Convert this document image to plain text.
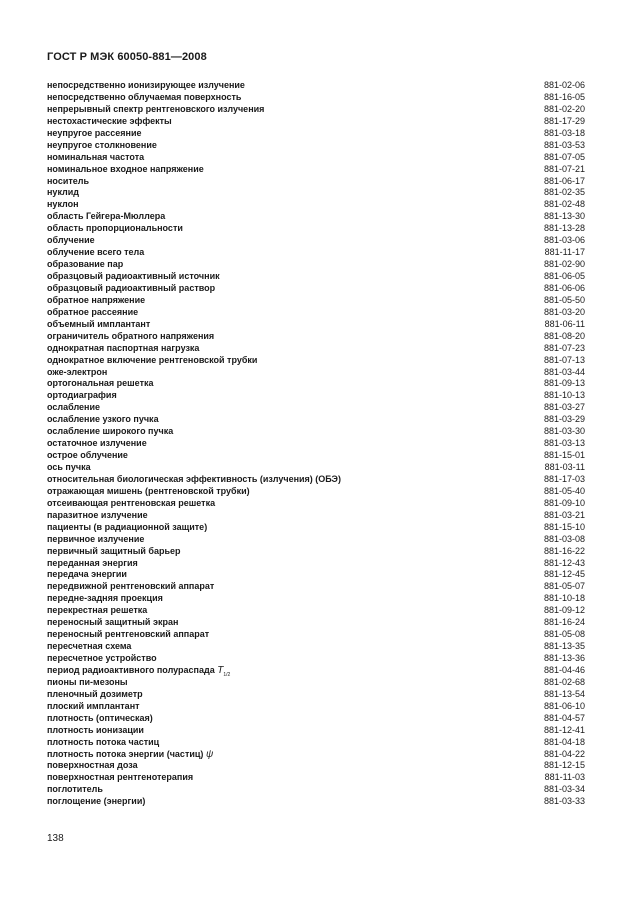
ГОСТ Р МЭК 60050-881—2008
непосредственно ионизирующее излучение	881-02-06
непосредственно облучаемая поверхность	881-16-05
непрерывный спектр рентгеновского излучения	881-02-20
нестохастические эффекты	881-17-29
неупругое рассеяние	881-03-18
неупругое столкновение	881-03-53
номинальная частота	881-07-05
номинальное входное напряжение	881-07-21
носитель	881-06-17
нуклид	881-02-35
нуклон	881-02-48
область Гейгера-Мюллера	881-13-30
область пропорциональности	881-13-28
облучение	881-03-06
облучение всего тела	881-11-17
образование пар	881-02-90
образцовый радиоактивный источник	881-06-05
образцовый радиоактивный раствор	881-06-06
обратное напряжение	881-05-50
обратное рассеяние	881-03-20
объемный имплантант	881-06-11
ограничитель обратного напряжения	881-08-20
однократная паспортная нагрузка	881-07-23
однократное включение рентгеновской трубки	881-07-13
оже-электрон	881-03-44
ортогональная решетка	881-09-13
ортодиаграфия	881-10-13
ослабление	881-03-27
ослабление узкого пучка	881-03-29
ослабление широкого пучка	881-03-30
остаточное излучение	881-03-13
острое облучение	881-15-01
ось пучка	881-03-11
относительная биологическая эффективность (излучения) (ОБЭ)	881-17-03
отражающая мишень (рентгеновской трубки)	881-05-40
отсеивающая рентгеновская решетка	881-09-10
паразитное излучение	881-03-21
пациенты (в радиационной защите)	881-15-10
первичное излучение	881-03-08
первичный защитный барьер	881-16-22
переданная энергия	881-12-43
передача энергии	881-12-45
передвижной рентгеновский аппарат	881-05-07
передне-задняя проекция	881-10-18
перекрестная решетка	881-09-12
переносный защитный экран	881-16-24
переносный рентгеновский аппарат	881-05-08
пересчетная схема	881-13-35
пересчетное устройство	881-13-36
период радиоактивного полураспада $T_{1/2}$	881-04-46
пионы пи-мезоны	881-02-68
пленочный дозиметр	881-13-54
плоский имплантант	881-06-10
плотность (оптическая)	881-04-57
плотность ионизации	881-12-41
плотность потока частиц	881-04-18
плотность потока энергии (частиц) ψ	881-04-22
поверхностная доза	881-12-15
поверхностная рентгенотерапия	881-11-03
поглотитель	881-03-34
поглощение (энергии)	881-03-33
138
